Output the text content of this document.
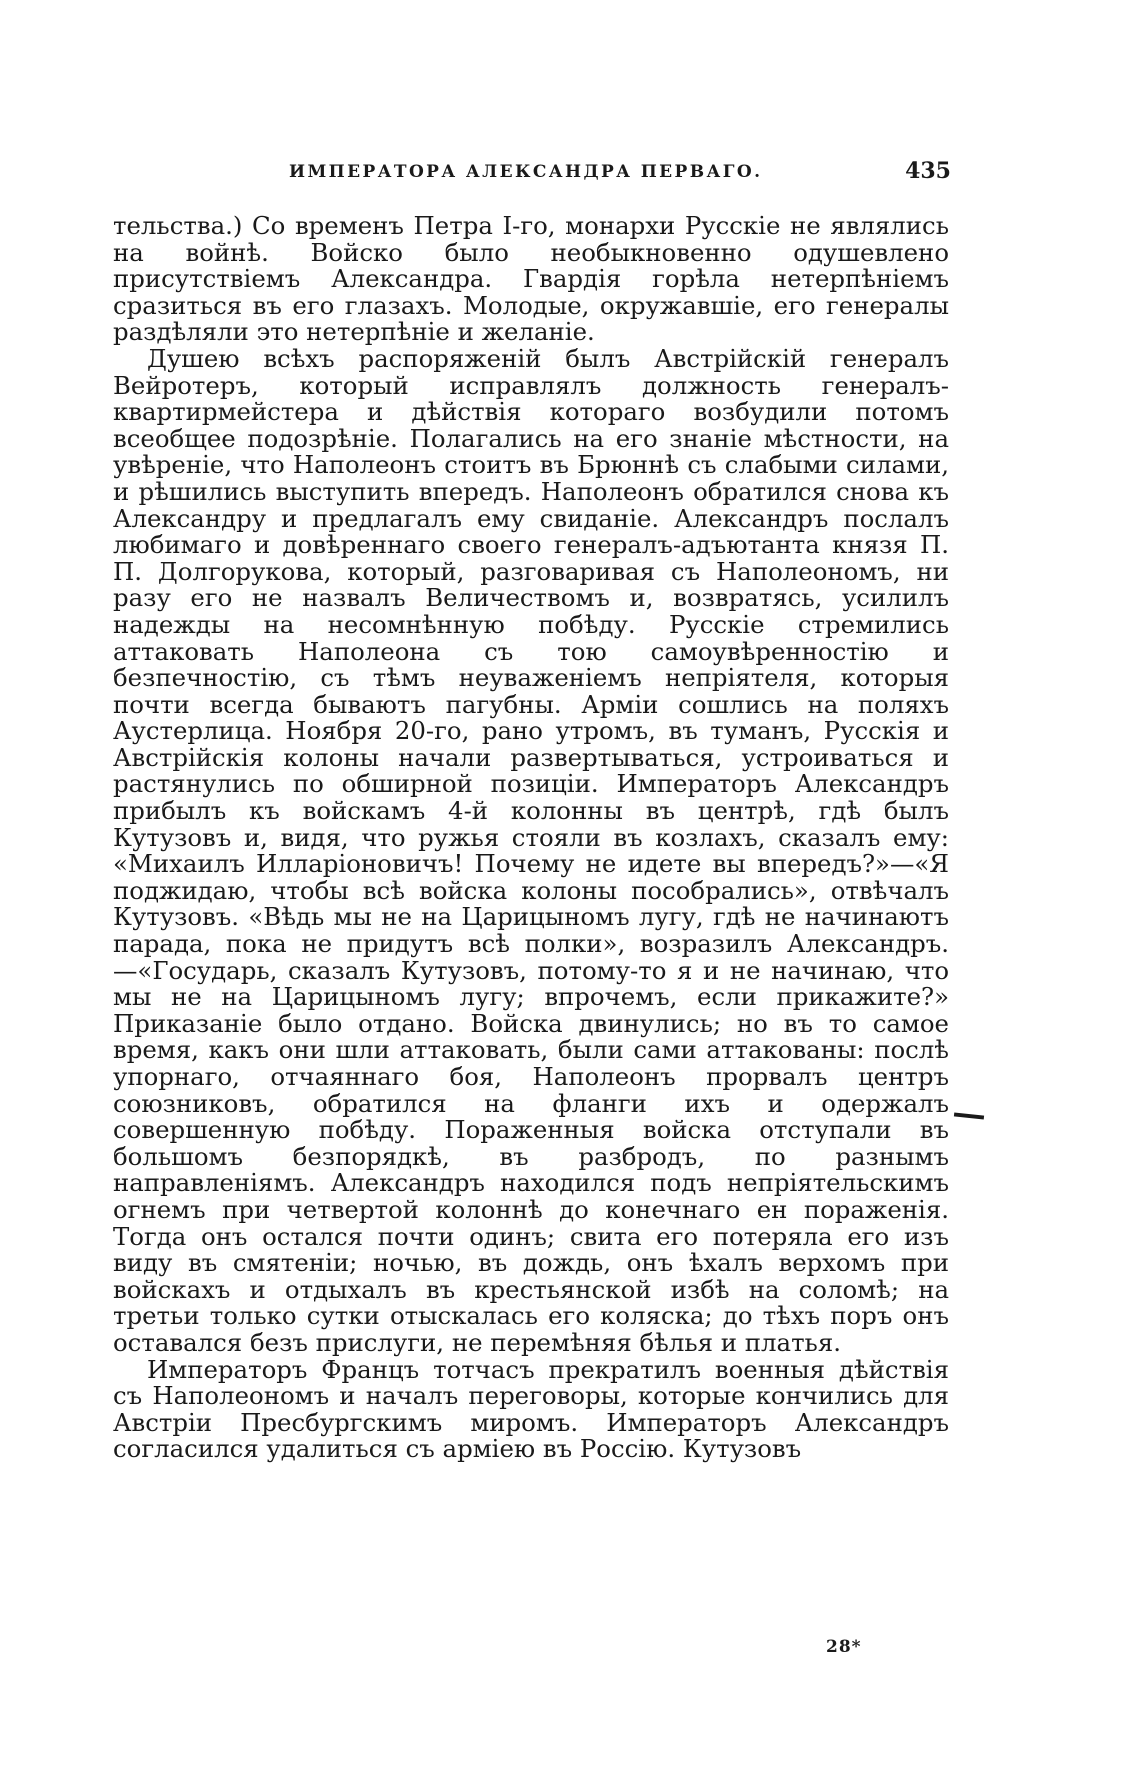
ИМПЕРАТОРА АЛЕКСАНДРА ПЕРВАГО.	435

тельства.) Со временъ Петра I-го, монархи Русскіе не являлись на войнѣ. Войско было необыкновенно одушевлено присутствіемъ Александра. Гвардія горѣла нетерпѣніемъ сразиться въ его глазахъ. Молодые, окружавшіе, его генералы раздѣляли это нетерпѣніе и желаніе.

Душею всѣхъ распоряженій былъ Австрійскій генералъ Вейротеръ, который исправлялъ должность генералъ-квартирмейстера и дѣйствія котораго возбудили потомъ всеобщее подозрѣніе. Полагались на его знаніе мѣстности, на увѣреніе, что Наполеонъ стоитъ въ Брюннѣ съ слабыми силами, и рѣшились выступить впередъ. Наполеонъ обратился снова къ Александру и предлагалъ ему свиданіе. Александръ послалъ любимаго и довѣреннаго своего генералъ-адъютанта князя П. П. Долгорукова, который, разговаривая съ Наполеономъ, ни разу его не назвалъ Величествомъ и, возвратясь, усилилъ надежды на несомнѣнную побѣду. Русскіе стремились аттаковать Наполеона съ тою самоувѣренностію и безпечностію, съ тѣмъ неуваженіемъ непріятеля, которыя почти всегда бываютъ пагубны. Арміи сошлись на поляхъ Аустерлица. Ноября 20-го, рано утромъ, въ туманъ, Русскія и Австрійскія колоны начали развертываться, устроиваться и растянулись по обширной позиціи. Императоръ Александръ прибылъ къ войскамъ 4-й колонны въ центрѣ, гдѣ былъ Кутузовъ и, видя, что ружья стояли въ козлахъ, сказалъ ему: «Михаилъ Илларіоновичъ! Почему не идете вы впередъ?»—«Я поджидаю, чтобы всѣ войска колоны пособрались», отвѣчалъ Кутузовъ. «Вѣдь мы не на Царицыномъ лугу, гдѣ не начинаютъ парада, пока не придутъ всѣ полки», возразилъ Александръ.—«Государь, сказалъ Кутузовъ, потому-то я и не начинаю, что мы не на Царицыномъ лугу; впрочемъ, если прикажите?» Приказаніе было отдано. Войска двинулись; но въ то самое время, какъ они шли аттаковать, были сами аттакованы: послѣ упорнаго, отчаяннаго боя, Наполеонъ прорвалъ центръ союзниковъ, обратился на фланги ихъ и одержалъ совершенную побѣду. Пораженныя войска отступали въ большомъ безпорядкѣ, въ разбродъ, по разнымъ направленіямъ. Александръ находился подъ непріятельскимъ огнемъ при четвертой колоннѣ до конечнаго ен пораженія. Тогда онъ остался почти одинъ; свита его потеряла его изъ виду въ смятеніи; ночью, въ дождь, онъ ѣхалъ верхомъ при войскахъ и отдыхалъ въ крестьянской избѣ на соломѣ; на третьи только сутки отыскалась его коляска; до тѣхъ поръ онъ оставался безъ прислуги, не перемѣняя бѣлья и платья.

Императоръ Францъ тотчасъ прекратилъ военныя дѣйствія съ Наполеономъ и началъ переговоры, которые кончились для Австріи Пресбургскимъ миромъ. Императоръ Александръ согласился удалиться съ арміею въ Россію. Кутузовъ

28*
